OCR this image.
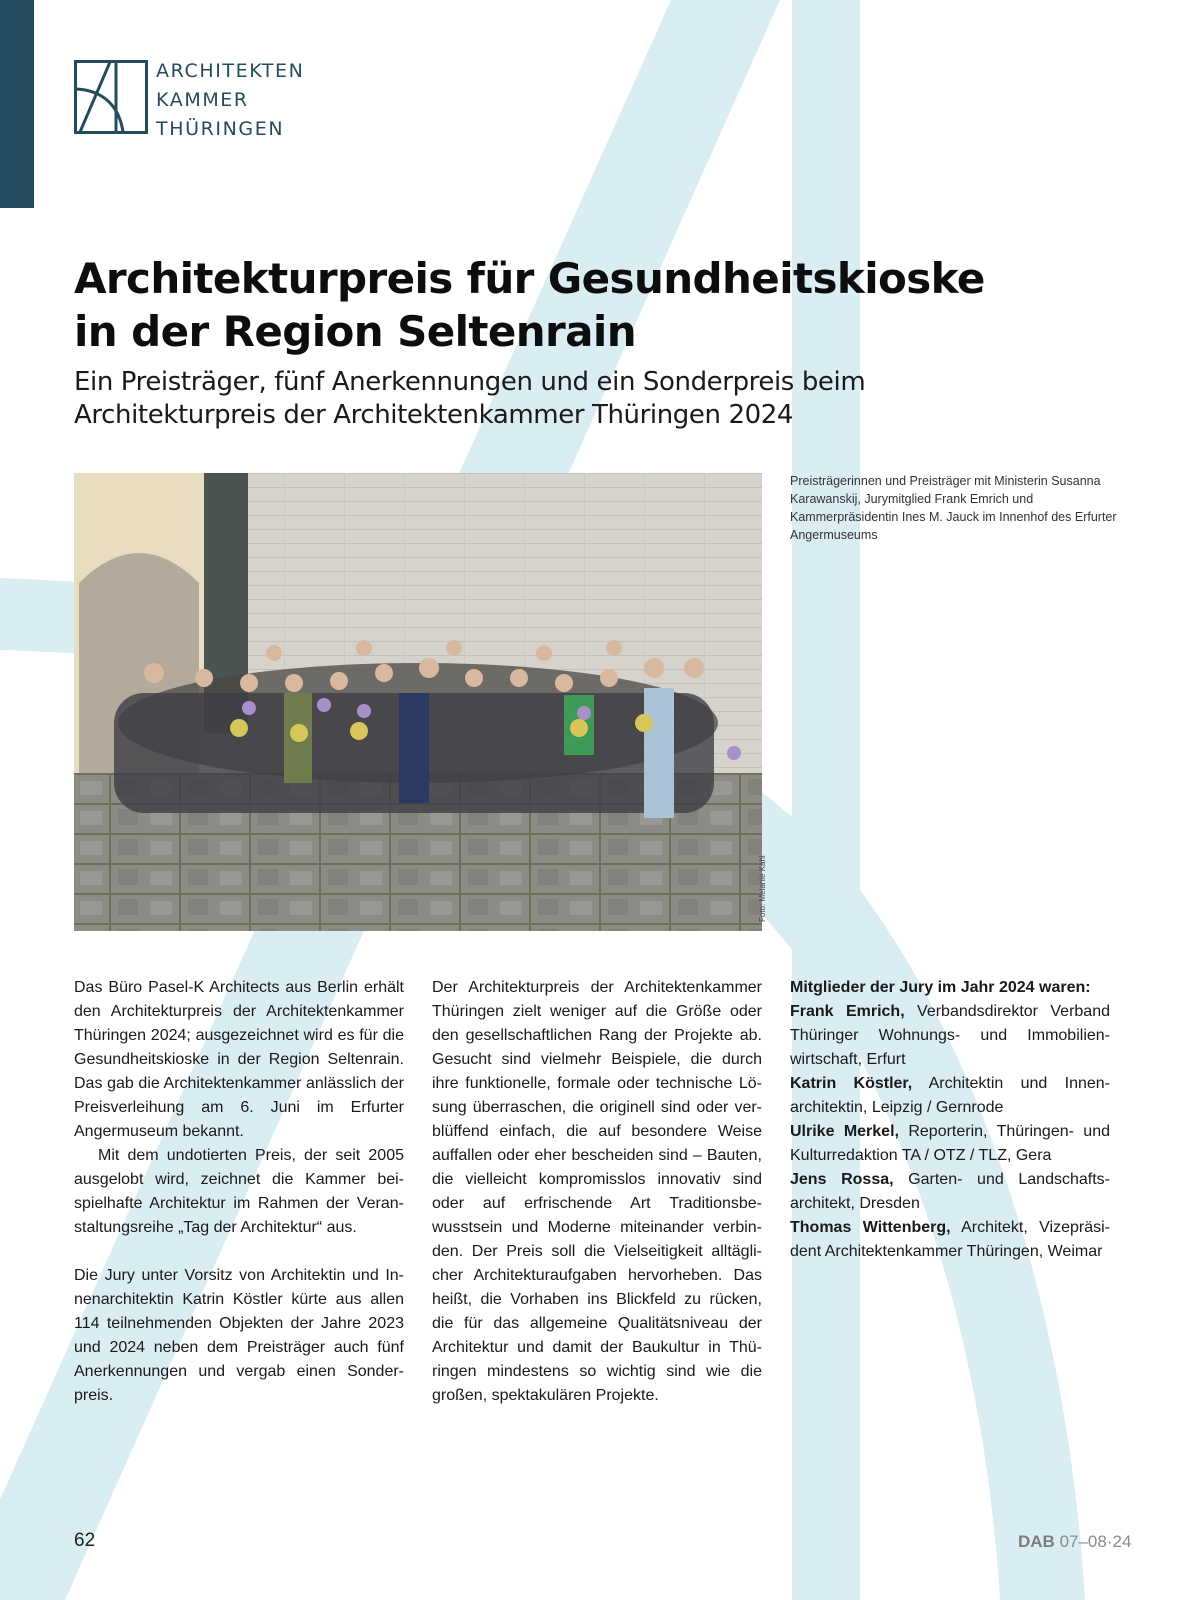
ARCHITEKTEN
KAMMER
THÜRINGEN
Architekturpreis für Gesundheitskioske
in der Region Seltenrain
Ein Preisträger, fünf Anerkennungen und ein Sonderpreis beim
Architekturpreis der Architektenkammer Thüringen 2024
Foto: Melanie Kahl
Preisträgerinnen und Preisträger mit Ministerin Susanna Karawanskij, Jurymitglied Frank Emrich und Kammerpräsidentin Ines M. Jauck im Innenhof des Erfurter Angermuseums

Das Büro Pasel-K Architects aus Berlin erhält den Architekturpreis der Architektenkammer Thüringen 2024; ausgezeichnet wird es für die Gesundheitskioske in der Region Seltenrain. Das gab die Architektenkammer anlässlich der Preisverleihung am 6. Juni im Erfurter Angermuseum bekannt.

Mit dem undotierten Preis, der seit 2005 ausgelobt wird, zeichnet die Kammer beispielhafte Architektur im Rahmen der Veranstaltungsreihe „Tag der Architektur“ aus.

Die Jury unter Vorsitz von Architektin und Innenarchitektin Katrin Köstler kürte aus allen 114 teilnehmenden Objekten der Jahre 2023 und 2024 neben dem Preisträger auch fünf Anerkennungen und vergab einen Sonderpreis.

Der Architekturpreis der Architektenkammer Thüringen zielt weniger auf die Größe oder den gesellschaftlichen Rang der Projekte ab. Gesucht sind vielmehr Beispiele, die durch ihre funktionelle, formale oder technische Lösung überraschen, die originell sind oder verblüffend einfach, die auf besondere Weise auffallen oder eher bescheiden sind – Bauten, die vielleicht kompromisslos innovativ sind oder auf erfrischende Art Traditionsbewusstsein und Moderne miteinander verbinden. Der Preis soll die Vielseitigkeit alltäglicher Architekturaufgaben hervorheben. Das heißt, die Vorhaben ins Blickfeld zu rücken, die für das allgemeine Qualitätsniveau der Architektur und damit der Baukultur in Thüringen mindestens so wichtig sind wie die großen, spektakulären Projekte.

Mitglieder der Jury im Jahr 2024 waren:

Frank Emrich, Verbandsdirektor Verband Thüringer Wohnungs- und Immobilienwirtschaft, Erfurt

Katrin Köstler, Architektin und Innenarchitektin, Leipzig / Gernrode

Ulrike Merkel, Reporterin, Thüringen- und Kulturredaktion TA / OTZ / TLZ, Gera

Jens Rossa, Garten- und Landschaftsarchitekt, Dresden

Thomas Wittenberg, Architekt, Vizepräsident Architektenkammer Thüringen, Weimar

62	DAB 07–08·24
